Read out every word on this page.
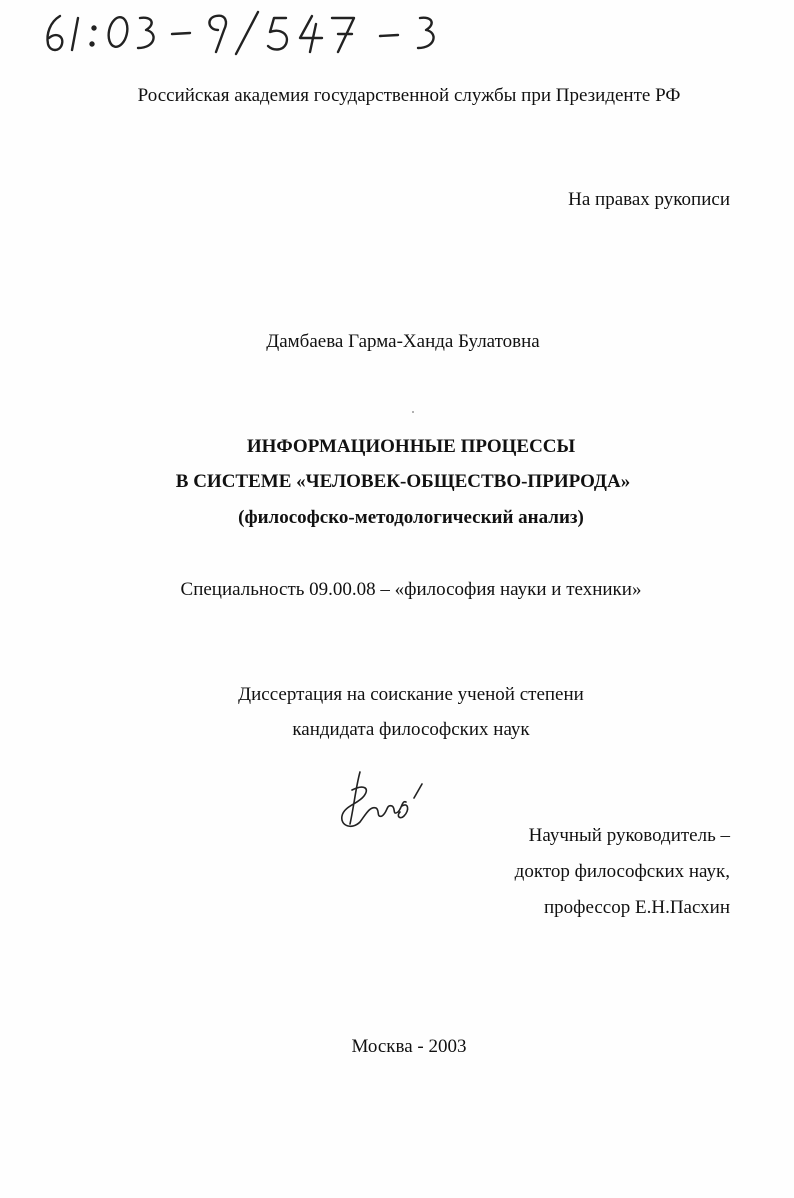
Российская академия государственной службы при Президенте РФ
На правах рукописи
Дамбаева Гарма-Ханда Булатовна
ИНФОРМАЦИОННЫЕ ПРОЦЕССЫ
В СИСТЕМЕ «ЧЕЛОВЕК-ОБЩЕСТВО-ПРИРОДА»
(философско-методологический анализ)
Специальность 09.00.08 – «философия науки и техники»
Диссертация на соискание ученой степени
кандидата философских наук
Научный руководитель –
доктор философских наук,
профессор Е.Н.Пасхин
Москва - 2003
